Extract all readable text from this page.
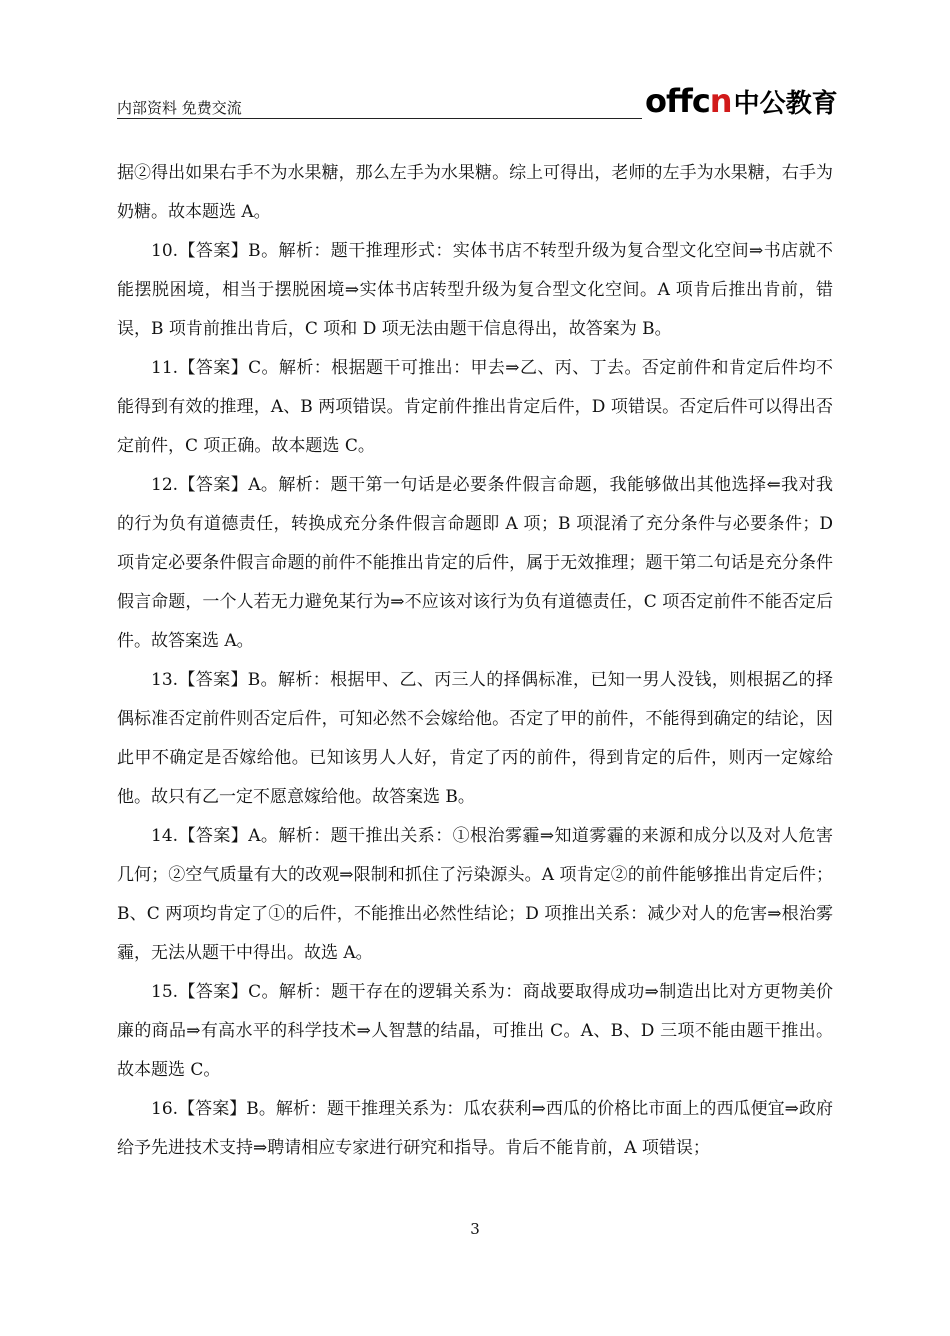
内部资料 免费交流	offcn中公教育

据②得出如果右手不为水果糖，那么左手为水果糖。综上可得出，老师的左手为水果糖，右手为奶糖。故本题选 A。

10.【答案】B。解析：题干推理形式：实体书店不转型升级为复合型文化空间⇒书店就不能摆脱困境，相当于摆脱困境⇒实体书店转型升级为复合型文化空间。A 项肯后推出肯前，错误，B 项肯前推出肯后，C 项和 D 项无法由题干信息得出，故答案为 B。

11.【答案】C。解析：根据题干可推出：甲去⇒乙、丙、丁去。否定前件和肯定后件均不能得到有效的推理，A、B 两项错误。肯定前件推出肯定后件，D 项错误。否定后件可以得出否定前件，C 项正确。故本题选 C。

12.【答案】A。解析：题干第一句话是必要条件假言命题，我能够做出其他选择⇐我对我的行为负有道德责任，转换成充分条件假言命题即 A 项；B 项混淆了充分条件与必要条件；D 项肯定必要条件假言命题的前件不能推出肯定的后件，属于无效推理；题干第二句话是充分条件假言命题，一个人若无力避免某行为⇒不应该对该行为负有道德责任，C 项否定前件不能否定后件。故答案选 A。

13.【答案】B。解析：根据甲、乙、丙三人的择偶标准，已知一男人没钱，则根据乙的择偶标准否定前件则否定后件，可知必然不会嫁给他。否定了甲的前件，不能得到确定的结论，因此甲不确定是否嫁给他。已知该男人人好，肯定了丙的前件，得到肯定的后件，则丙一定嫁给他。故只有乙一定不愿意嫁给他。故答案选 B。

14.【答案】A。解析：题干推出关系：①根治雾霾⇒知道雾霾的来源和成分以及对人危害几何；②空气质量有大的改观⇒限制和抓住了污染源头。A 项肯定②的前件能够推出肯定后件；B、C 两项均肯定了①的后件，不能推出必然性结论；D 项推出关系：减少对人的危害⇒根治雾霾，无法从题干中得出。故选 A。

15.【答案】C。解析：题干存在的逻辑关系为：商战要取得成功⇒制造出比对方更物美价廉的商品⇒有高水平的科学技术⇒人智慧的结晶，可推出 C。A、B、D 三项不能由题干推出。故本题选 C。

16.【答案】B。解析：题干推理关系为：瓜农获利⇒西瓜的价格比市面上的西瓜便宜⇒政府给予先进技术支持⇒聘请相应专家进行研究和指导。肯后不能肯前，A 项错误；

3
